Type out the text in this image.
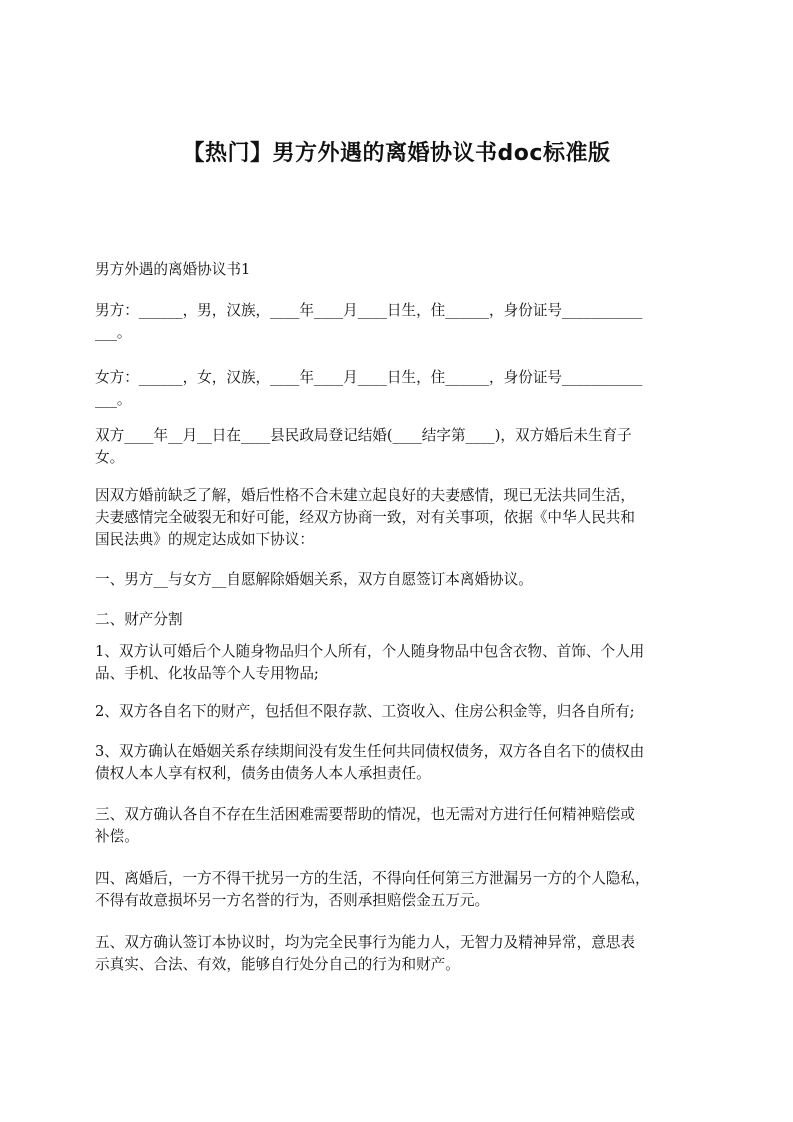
【热门】男方外遇的离婚协议书doc标准版
男方外遇的离婚协议书1
男方：______，男，汉族，____年____月____日生，住______，身份证号___________
___。
女方：______，女，汉族，____年____月____日生，住______，身份证号___________
___。
双方____年__月__日在____县民政局登记结婚(____结字第____)，双方婚后未生育子
女。
因双方婚前缺乏了解，婚后性格不合未建立起良好的夫妻感情，现已无法共同生活，
夫妻感情完全破裂无和好可能，经双方协商一致，对有关事项，依据《中华人民共和
国民法典》的规定达成如下协议：
一、男方__与女方__自愿解除婚姻关系，双方自愿签订本离婚协议。
二、财产分割
1、双方认可婚后个人随身物品归个人所有，个人随身物品中包含衣物、首饰、个人用
品、手机、化妆品等个人专用物品;
2、双方各自名下的财产，包括但不限存款、工资收入、住房公积金等，归各自所有;
3、双方确认在婚姻关系存续期间没有发生任何共同债权债务，双方各自名下的债权由
债权人本人享有权利，债务由债务人本人承担责任。
三、双方确认各自不存在生活困难需要帮助的情况，也无需对方进行任何精神赔偿或
补偿。
四、离婚后，一方不得干扰另一方的生活，不得向任何第三方泄漏另一方的个人隐私，
不得有故意损坏另一方名誉的行为，否则承担赔偿金五万元。
五、双方确认签订本协议时，均为完全民事行为能力人，无智力及精神异常，意思表
示真实、合法、有效，能够自行处分自己的行为和财产。
